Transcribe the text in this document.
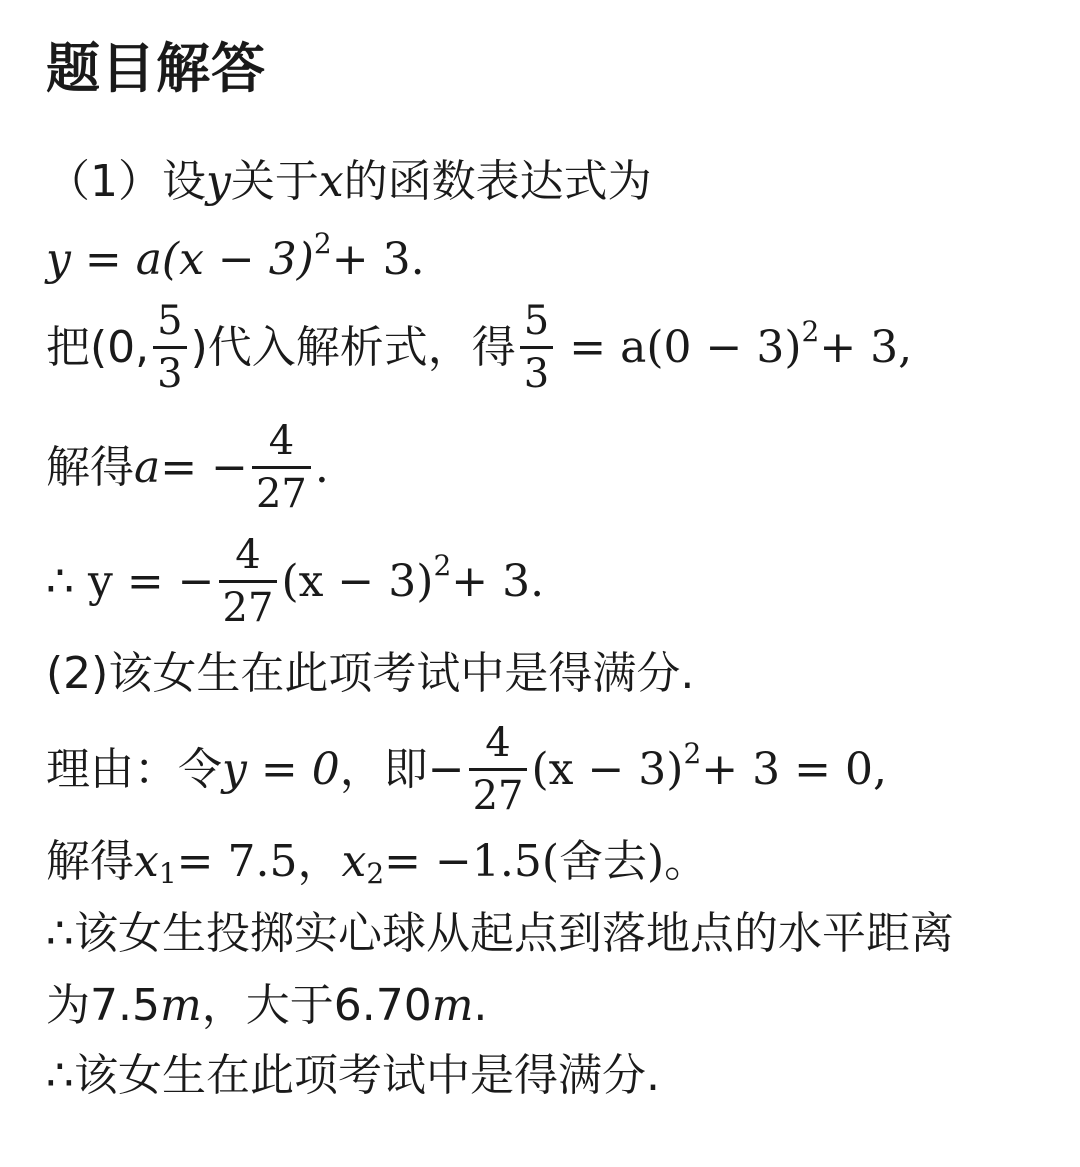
题目解答
（1）设 y 关于 x 的函数表达式为
$y = a(x - 3)^2 + 3$.
把(0, $\frac{5}{3}$ )代入解析式，得 $\frac{5}{3} = a(0 - 3)^2 + 3$,
解得 a = − $\frac{4}{27}$ .
∴ y = − $\frac{4}{27} (x - 3)^2 + 3$.
(2)该女生在此项考试中是得满分.
理由：令 y = 0 ，即− $\frac{4}{27} (x - 3)^2 + 3 = 0$,
解得 $x_1 = 7.5$， $x_2 = -1.5$(舍去)。
∴该女生投掷实心球从起点到落地点的水平距离
为7.5 m ，大于6.70 m .
∴该女生在此项考试中是得满分.
